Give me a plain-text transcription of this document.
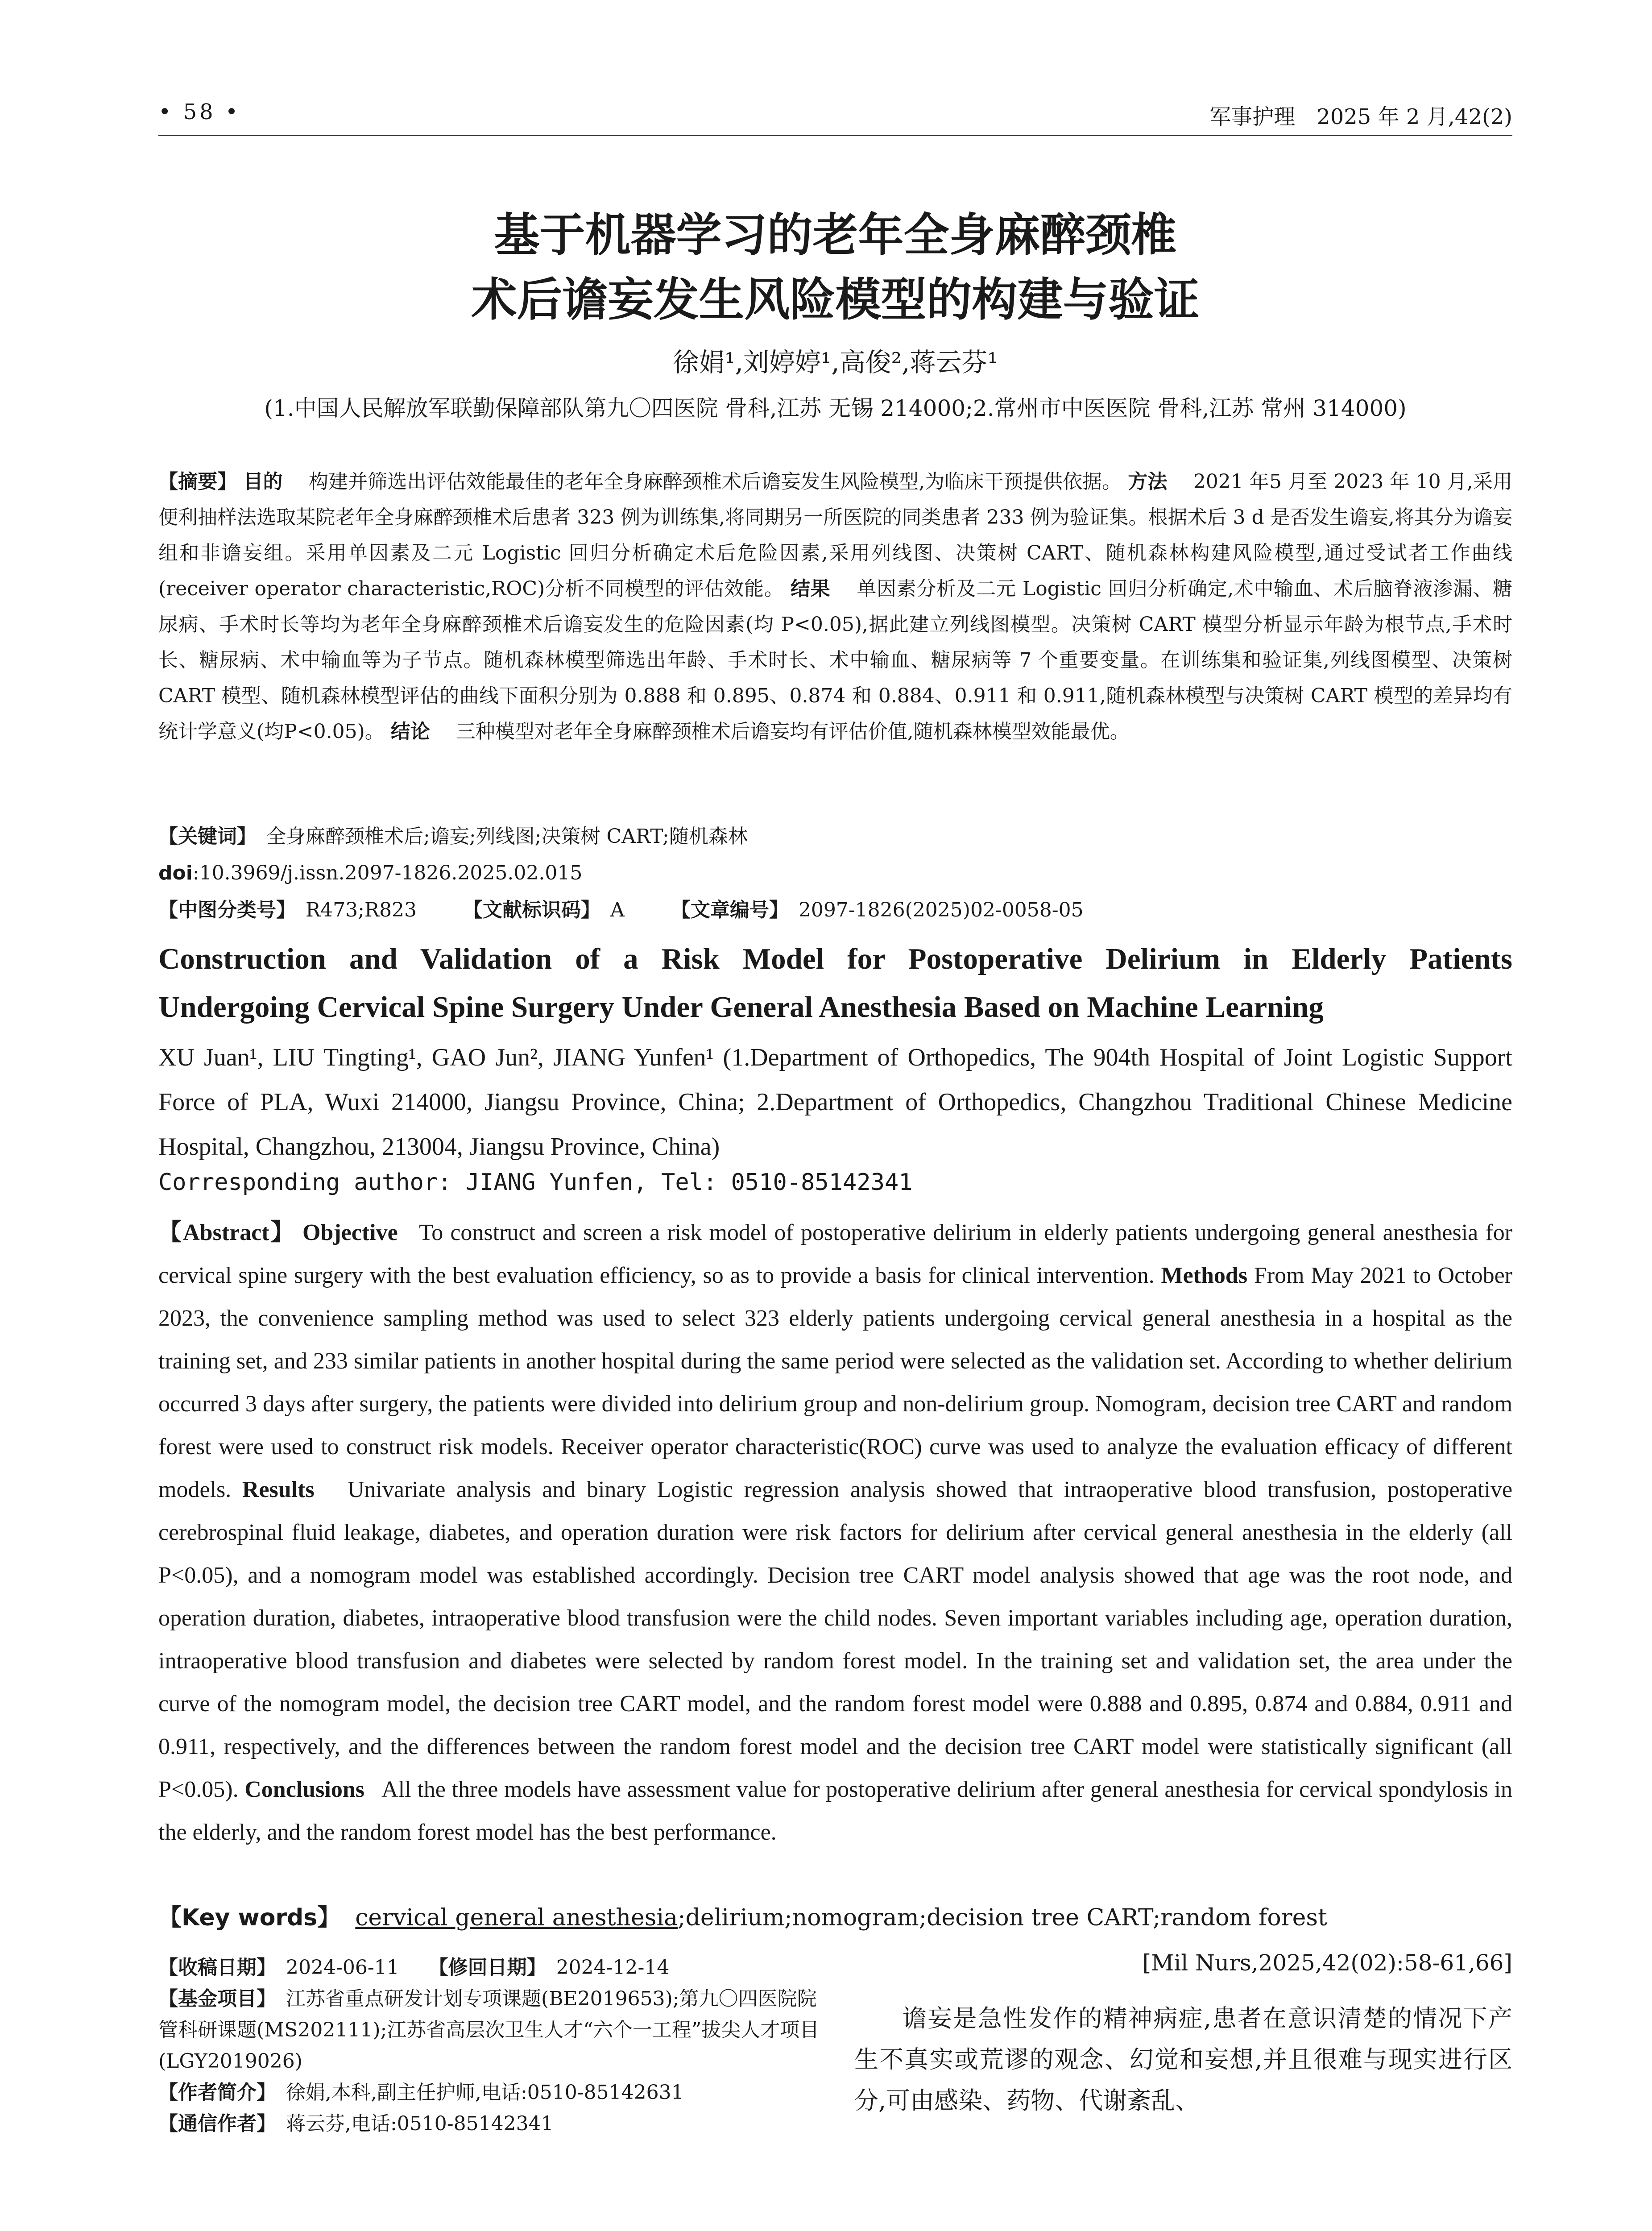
• 58 •	军事护理　2025 年 2 月,42(2)
基于机器学习的老年全身麻醉颈椎
术后谵妄发生风险模型的构建与验证
徐娟¹,刘婷婷¹,高俊²,蒋云芬¹
(1.中国人民解放军联勤保障部队第九〇四医院 骨科,江苏 无锡 214000;2.常州市中医医院 骨科,江苏 常州 314000)
【摘要】 目的　 构建并筛选出评估效能最佳的老年全身麻醉颈椎术后谵妄发生风险模型,为临床干预提供依据。 方法　 2021 年5 月至 2023 年 10 月,采用便利抽样法选取某院老年全身麻醉颈椎术后患者 323 例为训练集,将同期另一所医院的同类患者 233 例为验证集。根据术后 3 d 是否发生谵妄,将其分为谵妄组和非谵妄组。采用单因素及二元 Logistic 回归分析确定术后危险因素,采用列线图、决策树 CART、随机森林构建风险模型,通过受试者工作曲线(receiver operator characteristic,ROC)分析不同模型的评估效能。 结果　 单因素分析及二元 Logistic 回归分析确定,术中输血、术后脑脊液渗漏、糖尿病、手术时长等均为老年全身麻醉颈椎术后谵妄发生的危险因素(均 P<0.05),据此建立列线图模型。决策树 CART 模型分析显示年龄为根节点,手术时长、糖尿病、术中输血等为子节点。随机森林模型筛选出年龄、手术时长、术中输血、糖尿病等 7 个重要变量。在训练集和验证集,列线图模型、决策树 CART 模型、随机森林模型评估的曲线下面积分别为 0.888 和 0.895、0.874 和 0.884、0.911 和 0.911,随机森林模型与决策树 CART 模型的差异均有统计学意义(均P<0.05)。 结论　 三种模型对老年全身麻醉颈椎术后谵妄均有评估价值,随机森林模型效能最优。
【关键词】　 全身麻醉颈椎术后;谵妄;列线图;决策树 CART;随机森林
doi:10.3969/j.issn.2097-1826.2025.02.015
【中图分类号】　 R473;R823 【文献标识码】　 A 【文章编号】　 2097-1826(2025)02-0058-05
Construction and Validation of a Risk Model for Postoperative Delirium in Elderly Patients
Undergoing Cervical Spine Surgery Under General Anesthesia Based on Machine Learning
XU Juan¹, LIU Tingting¹, GAO Jun², JIANG Yunfen¹ (1.Department of Orthopedics, The 904th Hospital of Joint Logistic Support Force of PLA, Wuxi 214000, Jiangsu Province, China; 2.Department of Orthopedics, Changzhou Traditional Chinese Medicine Hospital, Changzhou, 213004, Jiangsu Province, China)
Corresponding author: JIANG Yunfen, Tel: 0510-85142341
【Abstract】 Objective To construct and screen a risk model of postoperative delirium in elderly patients undergoing general anesthesia for cervical spine surgery with the best evaluation efficiency, so as to provide a basis for clinical intervention. Methods From May 2021 to October 2023, the convenience sampling method was used to select 323 elderly patients undergoing cervical general anesthesia in a hospital as the training set, and 233 similar patients in another hospital during the same period were selected as the validation set. According to whether delirium occurred 3 days after surgery, the patients were divided into delirium group and non-delirium group. Nomogram, decision tree CART and random forest were used to construct risk models. Receiver operator characteristic(ROC) curve was used to analyze the evaluation efficacy of different models. Results Univariate analysis and binary Logistic regression analysis showed that intraoperative blood transfusion, postoperative cerebrospinal fluid leakage, diabetes, and operation duration were risk factors for delirium after cervical general anesthesia in the elderly (all P<0.05), and a nomogram model was established accordingly. Decision tree CART model analysis showed that age was the root node, and operation duration, diabetes, intraoperative blood transfusion were the child nodes. Seven important variables including age, operation duration, intraoperative blood transfusion and diabetes were selected by random forest model. In the training set and validation set, the area under the curve of the nomogram model, the decision tree CART model, and the random forest model were 0.888 and 0.895, 0.874 and 0.884, 0.911 and 0.911, respectively, and the differences between the random forest model and the decision tree CART model were statistically significant (all P<0.05). Conclusions All the three models have assessment value for postoperative delirium after general anesthesia for cervical spondylosis in the elderly, and the random forest model has the best performance.
【Key words】 cervical general anesthesia;delirium;nomogram;decision tree CART;random forest
【收稿日期】　 2024-06-11　　 【修回日期】　 2024-12-14
【基金项目】　 江苏省重点研发计划专项课题(BE2019653);第九〇四医院院管科研课题(MS202111);江苏省高层次卫生人才“六个一工程”拔尖人才项目(LGY2019026)
【作者简介】　 徐娟,本科,副主任护师,电话:0510-85142631
【通信作者】　 蒋云芬,电话:0510-85142341
[Mil Nurs,2025,42(02):58-61,66]
谵妄是急性发作的精神病症,患者在意识清楚的情况下产生不真实或荒谬的观念、幻觉和妄想,并且很难与现实进行区分,可由感染、药物、代谢紊乱、
